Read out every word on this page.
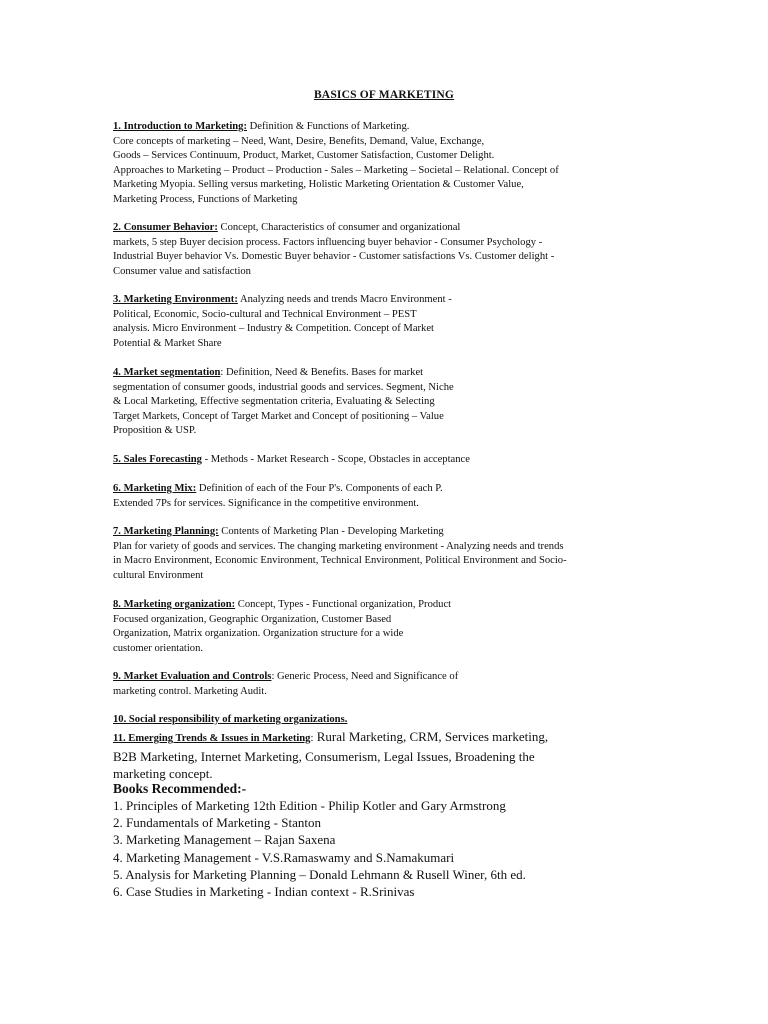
BASICS OF MARKETING
1. Introduction to Marketing: Definition & Functions of Marketing.
Core concepts of marketing – Need, Want, Desire, Benefits, Demand, Value, Exchange,
Goods – Services Continuum, Product, Market, Customer Satisfaction, Customer Delight.
Approaches to Marketing – Product – Production - Sales – Marketing – Societal – Relational. Concept of
Marketing Myopia. Selling versus marketing, Holistic Marketing Orientation & Customer Value,
Marketing Process, Functions of Marketing
2. Consumer Behavior: Concept, Characteristics of consumer and organizational
markets, 5 step Buyer decision process. Factors influencing buyer behavior - Consumer Psychology -
Industrial Buyer behavior Vs. Domestic Buyer behavior - Customer satisfactions Vs. Customer delight -
Consumer value and satisfaction
3. Marketing Environment: Analyzing needs and trends Macro Environment -
Political, Economic, Socio-cultural and Technical Environment – PEST
analysis. Micro Environment – Industry & Competition. Concept of Market
Potential & Market Share
4. Market segmentation: Definition, Need & Benefits. Bases for market
segmentation of consumer goods, industrial goods and services. Segment, Niche
& Local Marketing, Effective segmentation criteria, Evaluating & Selecting
Target Markets, Concept of Target Market and Concept of positioning – Value
Proposition & USP.
5. Sales Forecasting - Methods - Market Research - Scope, Obstacles in acceptance
6. Marketing Mix: Definition of each of the Four P's. Components of each P.
Extended 7Ps for services. Significance in the competitive environment.
7. Marketing Planning: Contents of Marketing Plan - Developing Marketing
Plan for variety of goods and services. The changing marketing environment - Analyzing needs and trends
in Macro Environment, Economic Environment, Technical Environment, Political Environment and Socio-
cultural Environment
8. Marketing organization: Concept, Types - Functional organization, Product
Focused organization, Geographic Organization, Customer Based
Organization, Matrix organization. Organization structure for a wide
customer orientation.
9. Market Evaluation and Controls: Generic Process, Need and Significance of
marketing control. Marketing Audit.
10. Social responsibility of marketing organizations.
11. Emerging Trends & Issues in Marketing: Rural Marketing, CRM, Services marketing,
B2B Marketing, Internet Marketing, Consumerism, Legal Issues, Broadening the
marketing concept.
Books Recommended:-
1. Principles of Marketing 12th Edition - Philip Kotler and Gary Armstrong
2. Fundamentals of Marketing - Stanton
3. Marketing Management – Rajan Saxena
4. Marketing Management - V.S.Ramaswamy and S.Namakumari
5. Analysis for Marketing Planning – Donald Lehmann & Rusell Winer, 6th ed.
6. Case Studies in Marketing - Indian context - R.Srinivas
